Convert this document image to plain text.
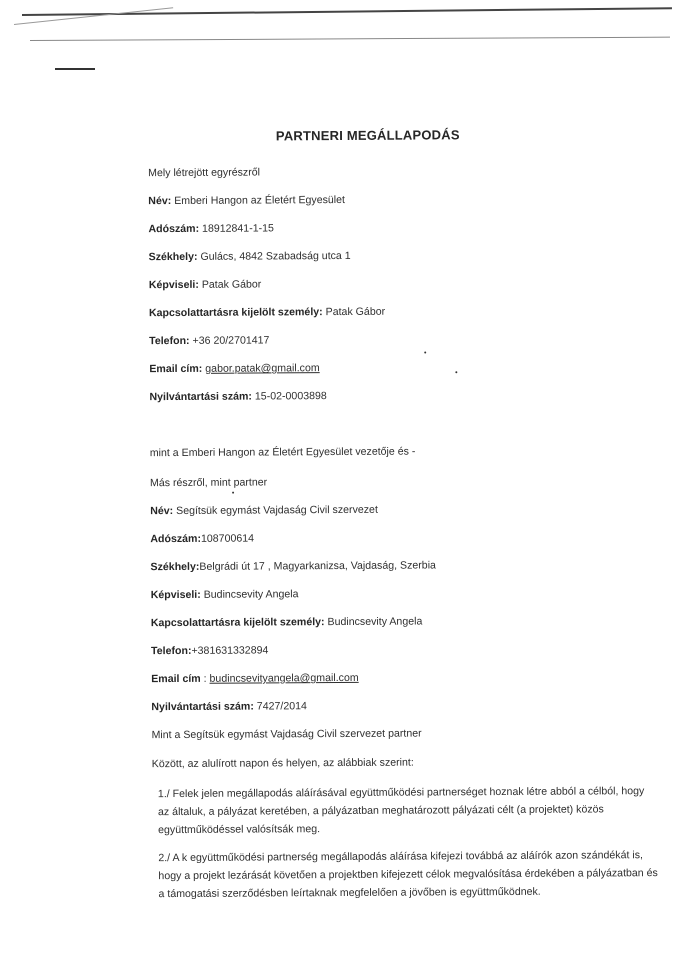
PARTNERI MEGÁLLAPODÁS
Mely létrejött egyrészről
Név: Emberi Hangon az Életért Egyesület
Adószám: 18912841-1-15
Székhely: Gulács, 4842 Szabadság utca 1
Képviseli: Patak Gábor
Kapcsolattartásra kijelölt személy: Patak Gábor
Telefon: +36 20/2701417
Email cím: gabor.patak@gmail.com
Nyilvántartási szám: 15-02-0003898
mint a Emberi Hangon az Életért Egyesület vezetője és -
Más részről, mint partner
Név: Segítsük egymást Vajdaság Civil szervezet
Adószám:108700614
Székhely:Belgrádi út 17 , Magyarkanizsa, Vajdaság, Szerbia
Képviseli: Budincsevity Angela
Kapcsolattartásra kijelölt személy: Budincsevity Angela
Telefon:+381631332894
Email cím : budincsevityangela@gmail.com
Nyilvántartási szám: 7427/2014
Mint a Segítsük egymást Vajdaság Civil szervezet partner
Között, az alulírott napon és helyen, az alábbiak szerint:
1./ Felek jelen megállapodás aláírásával együttműködési partnerséget hoznak létre abból a célból, hogy az általuk, a pályázat keretében, a pályázatban meghatározott pályázati célt (a projektet) közös együttműködéssel valósítsák meg.
2./ A k együttműködési partnerség megállapodás aláírása kifejezi továbbá az aláírók azon szándékát is, hogy a projekt lezárását követően a projektben kifejezett célok megvalósítása érdekében a pályázatban és a támogatási szerződésben leírtaknak megfelelően a jövőben is együttműködnek.
